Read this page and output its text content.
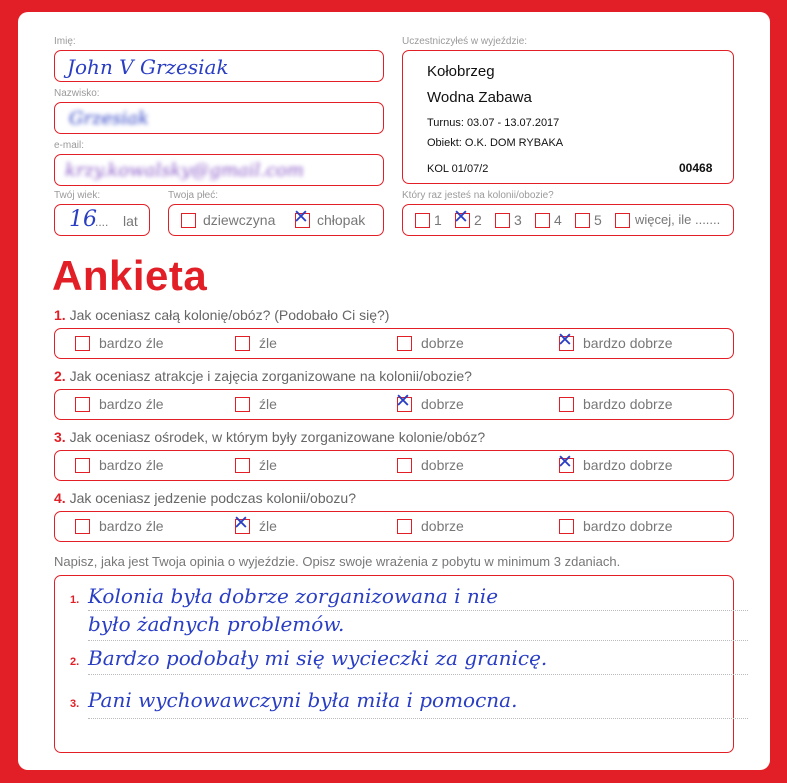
Imię:
John V Grzesiak
Nazwisko:
Grzesiak
e-mail:
krzy.kowalsky@gmail.com
Twój wiek:
16
.... lat
Twoja płeć:
dziewczyna ✕ chłopak
Uczestniczyłeś w wyjeździe:
Kołobrzeg
Wodna Zabawa
Turnus: 03.07 - 13.07.2017
Obiekt: O.K. DOM RYBAKA
KOL 01/07/2	00468
Który raz jesteś na kolonii/obozie?
1 ✕ 2 3 4 5	więcej, ile .......
Ankieta
1. Jak oceniasz całą kolonię/obóz? (Podobało Ci się?)
bardzo źle	źle	dobrze	✕ bardzo dobrze
2. Jak oceniasz atrakcje i zajęcia zorganizowane na kolonii/obozie?
bardzo źle	źle	✕ dobrze	bardzo dobrze
3. Jak oceniasz ośrodek, w którym były zorganizowane kolonie/obóz?
bardzo źle	źle	dobrze	✕ bardzo dobrze
4. Jak oceniasz jedzenie podczas kolonii/obozu?
bardzo źle	✕ źle	dobrze	bardzo dobrze
Napisz, jaka jest Twoja opinia o wyjeździe. Opisz swoje wrażenia z pobytu w minimum 3 zdaniach.
1. Kolonia była dobrze zorganizowana i nie
było żadnych problemów.
2. Bardzo podobały mi się wycieczki za granicę.
3. Pani wychowawczyni była miła i pomocna.
